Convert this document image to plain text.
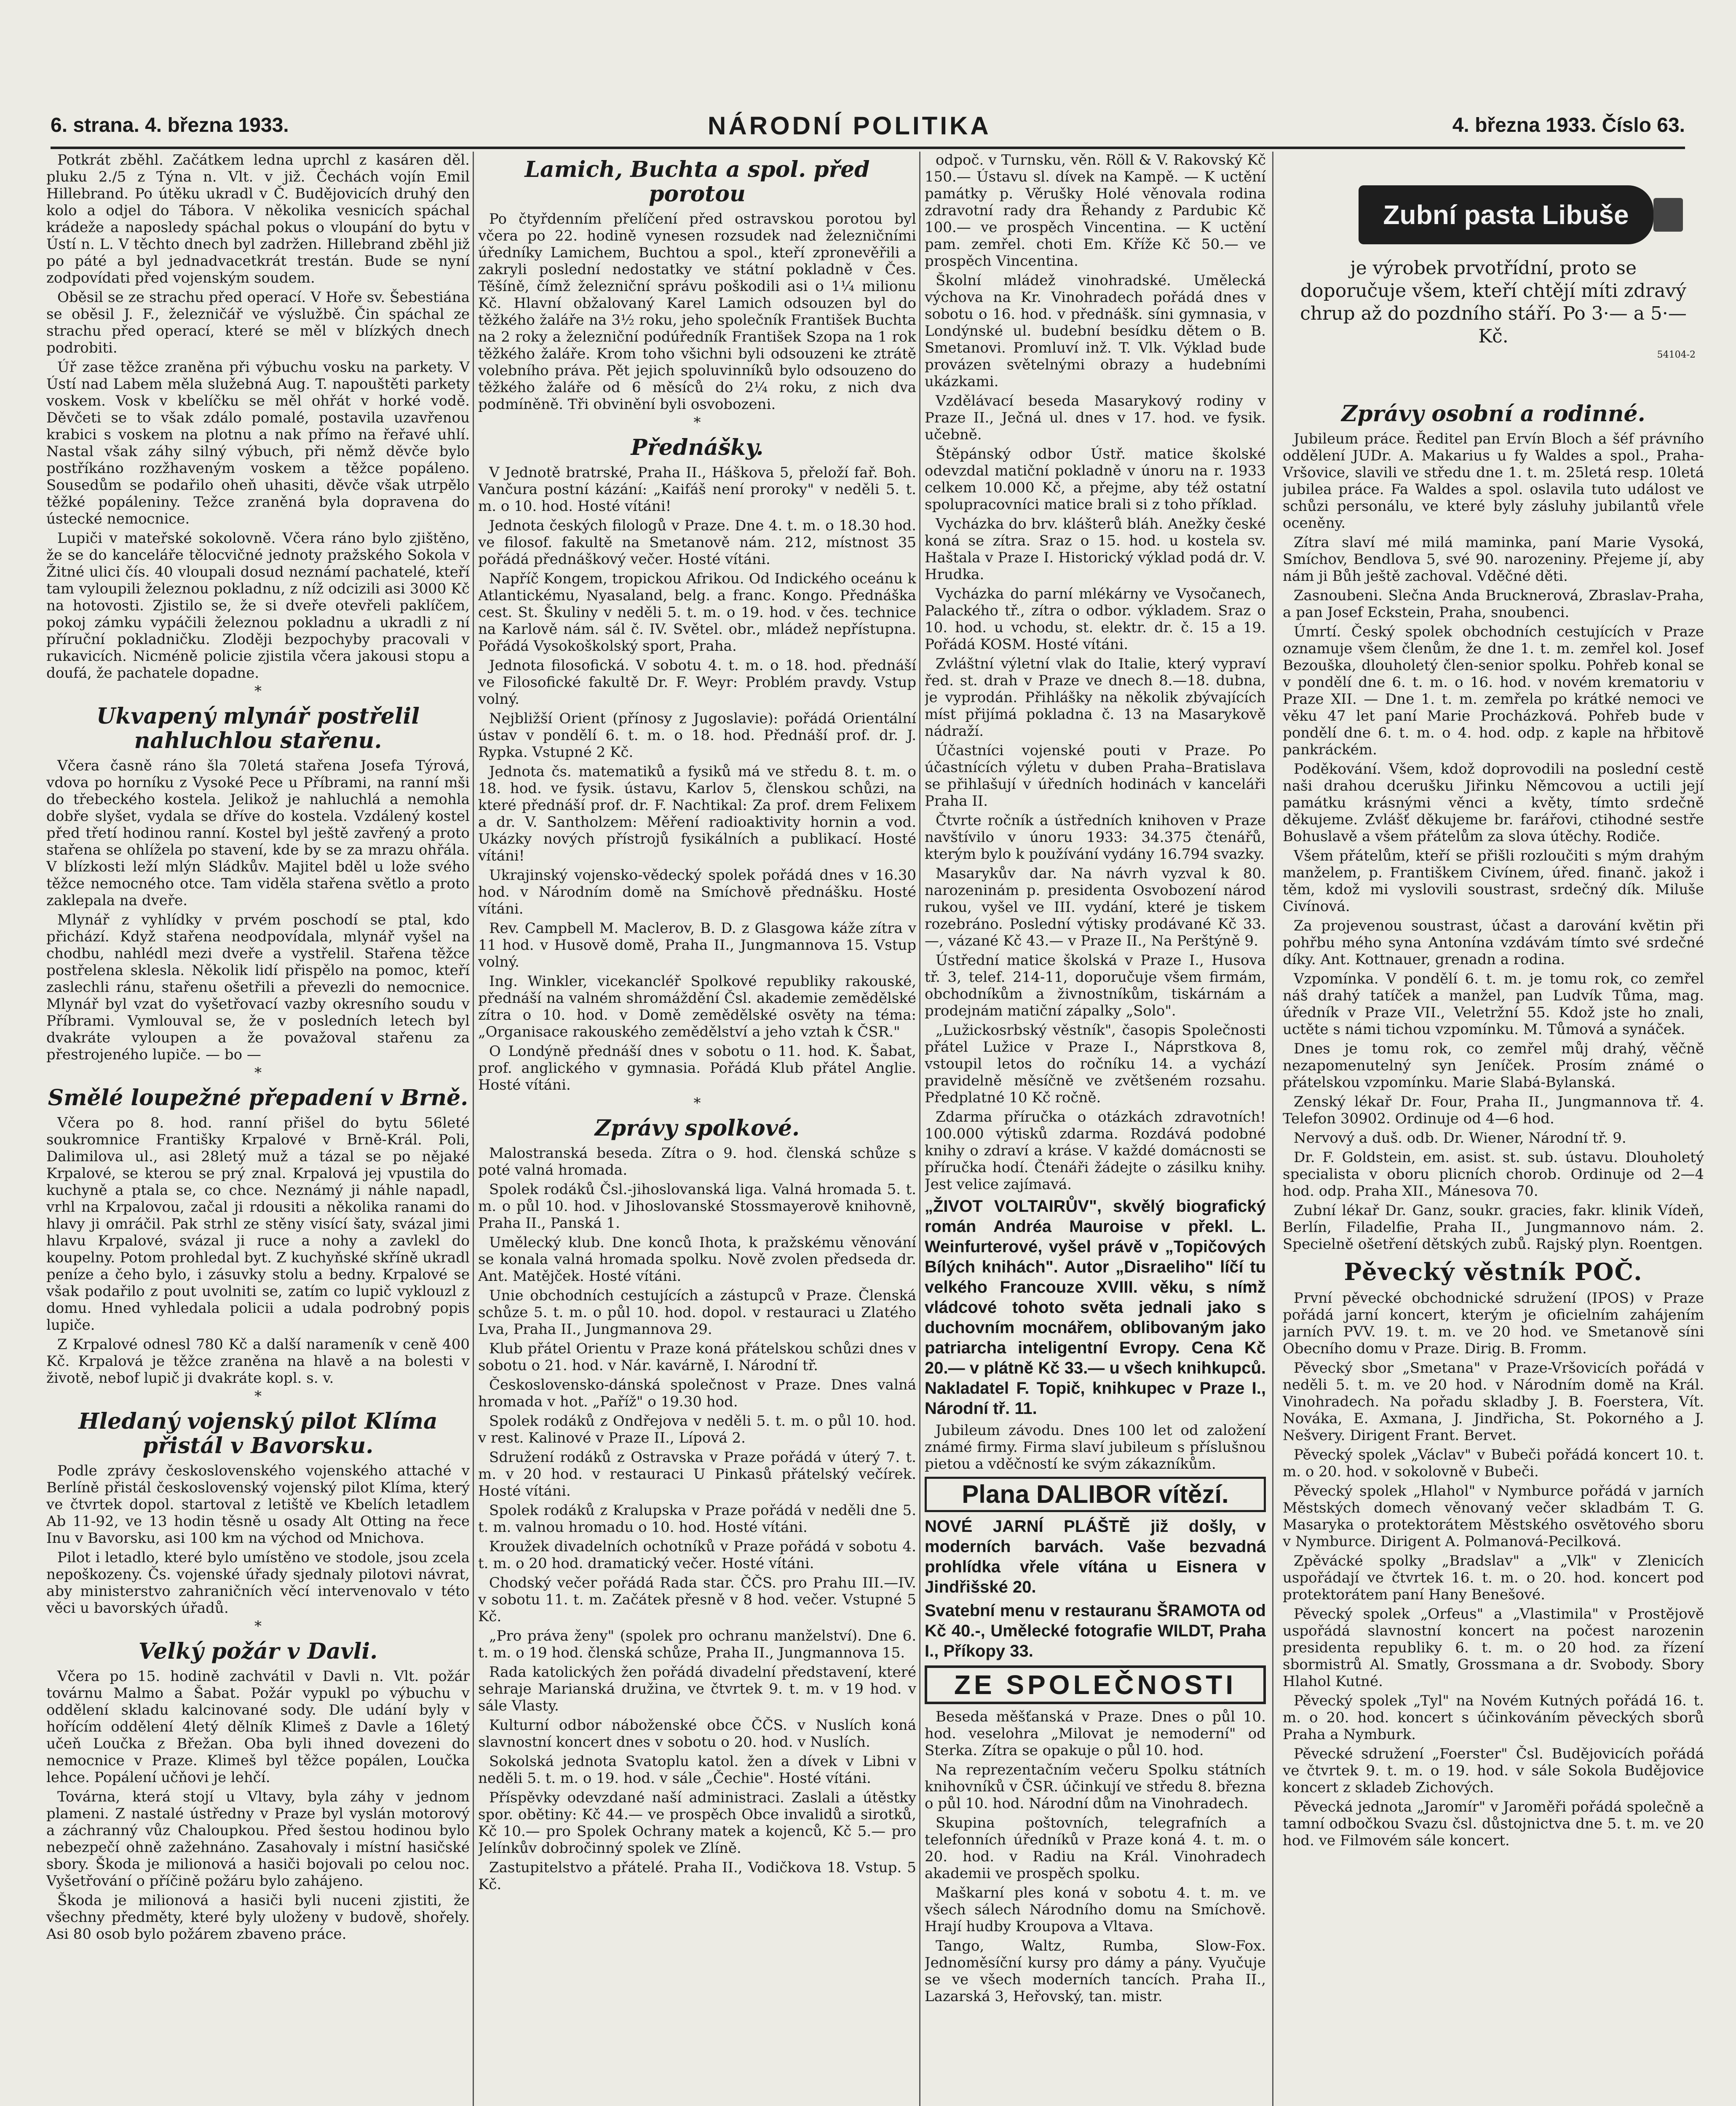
6. strana. 4. března 1933.	NÁRODNÍ POLITIKA	4. března 1933. Číslo 63.

Potkrát zběhl. Začátkem ledna uprchl z kasáren děl. pluku 2./5 z Týna n. Vlt. v již. Čechách vojín Emil Hillebrand. Po útěku ukradl v Č. Budějovicích druhý den kolo a odjel do Tábora. V několika vesnicích spáchal krádeže a naposledy spáchal pokus o vloupání do bytu v Ústí n. L. V těchto dnech byl zadržen. Hillebrand zběhl již po páté a byl jednadvacetkrát trestán. Bude se nyní zodpovídati před vojenským soudem.

Oběsil se ze strachu před operací. V Hoře sv. Šebestiána se oběsil J. F., železničář ve výslužbě. Čin spáchal ze strachu před operací, které se měl v blízkých dnech podrobiti.

Úř zase těžce zraněna při výbuchu vosku na parkety. V Ústí nad Labem měla služebná Aug. T. napouštěti parkety voskem. Vosk v kbelíčku se měl ohřát v horké vodě. Děvčeti se to však zdálo pomalé, postavila uzavřenou krabici s voskem na plotnu a nak přímo na řeřavé uhlí. Nastal však záhy silný výbuch, při němž děvče bylo postříkáno rozžhaveným voskem a těžce popáleno. Sousedům se podařilo oheň uhasiti, děvče však utrpělo těžké popáleniny. Težce zraněná byla dopravena do ústecké nemocnice.

Lupiči v mateřské sokolovně. Včera ráno bylo zjištěno, že se do kanceláře tělocvičné jednoty pražského Sokola v Žitné ulici čís. 40 vloupali dosud neznámí pachatelé, kteří tam vyloupili železnou pokladnu, z níž odcizili asi 3000 Kč na hotovosti. Zjistilo se, že si dveře otevřeli paklíčem, pokoj zámku vypáčili železnou pokladnu a ukradli z ní příruční pokladničku. Zloději bezpochyby pracovali v rukavicích. Nicméně policie zjistila včera jakousi stopu a doufá, že pachatele dopadne.

*
Ukvapený mlynář postřelil nahluchlou stařenu.

Včera časně ráno šla 70letá stařena Josefa Týrová, vdova po horníku z Vysoké Pece u Příbrami, na ranní mši do třebeckého kostela. Jelikož je nahluchlá a nemohla dobře slyšet, vydala se dříve do kostela. Vzdálený kostel před třetí hodinou ranní. Kostel byl ještě zavřený a proto stařena se ohlížela po stavení, kde by se za mrazu ohřála. V blízkosti leží mlýn Sládkův. Majitel bděl u lože svého těžce nemocného otce. Tam viděla stařena světlo a proto zaklepala na dveře.

Mlynář z vyhlídky v prvém poschodí se ptal, kdo přichází. Když stařena neodpovídala, mlynář vyšel na chodbu, nahlédl mezi dveře a vystřelil. Stařena těžce postřelena sklesla. Několik lidí přispělo na pomoc, kteří zaslechli ránu, stařenu ošetřili a převezli do nemocnice. Mlynář byl vzat do vyšetřovací vazby okresního soudu v Příbrami. Vymlouval se, že v posledních letech byl dvakráte vyloupen a že považoval stařenu za přestrojeného lupiče. — bo —

*
Smělé loupežné přepadení v Brně.

Včera po 8. hod. ranní přišel do bytu 56leté soukromnice Františky Krpalové v Brně-Král. Poli, Dalimilova ul., asi 28letý muž a tázal se po nějaké Krpalové, se kterou se prý znal. Krpalová jej vpustila do kuchyně a ptala se, co chce. Neznámý ji náhle napadl, vrhl na Krpalovou, začal ji rdousiti a několika ranami do hlavy ji omráčil. Pak strhl ze stěny visící šaty, svázal jimi hlavu Krpalové, svázal ji ruce a nohy a zavlekl do koupelny. Potom prohledal byt. Z kuchyňské skříně ukradl peníze a čeho bylo, i zásuvky stolu a bedny. Krpalové se však podařilo z pout uvolniti se, zatím co lupič vyklouzl z domu. Hned vyhledala policii a udala podrobný popis lupiče.

Z Krpalové odnesl 780 Kč a další narameník v ceně 400 Kč. Krpalová je těžce zraněna na hlavě a na bolesti v životě, nebof lupič ji dvakráte kopl. s. v.

*
Hledaný vojenský pilot Klíma přistál v Bavorsku.

Podle zprávy československého vojenského attaché v Berlíně přistál československý vojenský pilot Klíma, který ve čtvrtek dopol. startoval z letiště ve Kbelích letadlem Ab 11-92, ve 13 hodin těsně u osady Alt Otting na řece Inu v Bavorsku, asi 100 km na východ od Mnichova.

Pilot i letadlo, které bylo umístěno ve stodole, jsou zcela nepoškozeny. Čs. vojenské úřady sjednaly pilotovi návrat, aby ministerstvo zahraničních věcí intervenovalo v této věci u bavorských úřadů.

*
Velký požár v Davli.

Včera po 15. hodině zachvátil v Davli n. Vlt. požár továrnu Malmo a Šabat. Požár vypukl po výbuchu v oddělení skladu kalcinované sody. Dle udání byly v hořícím oddělení 4letý dělník Klimeš z Davle a 16letý učeň Loučka z Břežan. Oba byli ihned dovezeni do nemocnice v Praze. Klimeš byl těžce popálen, Loučka lehce. Popálení učňovi je lehčí.

Továrna, která stojí u Vltavy, byla záhy v jednom plameni. Z nastalé ústředny v Praze byl vyslán motorový a záchranný vůz Chaloupkou. Před šestou hodinou bylo nebezpečí ohně zažehnáno. Zasahovaly i místní hasičské sbory. Škoda je milionová a hasiči bojovali po celou noc. Vyšetřování o příčině požáru bylo zahájeno.

Škoda je milionová a hasiči byli nuceni zjistiti, že všechny předměty, které byly uloženy v budově, shořely. Asi 80 osob bylo požárem zbaveno práce.

Lamich, Buchta a spol. před porotou

Po čtyřdenním přelíčení před ostravskou porotou byl včera po 22. hodině vynesen rozsudek nad železničními úředníky Lamichem, Buchtou a spol., kteří zpronevěřili a zakryli poslední nedostatky ve státní pokladně v Čes. Těšíně, čímž železniční správu poškodili asi o 1¼ milionu Kč. Hlavní obžalovaný Karel Lamich odsouzen byl do těžkého žaláře na 3½ roku, jeho společník František Buchta na 2 roky a železniční podúředník František Szopa na 1 rok těžkého žaláře. Krom toho všichni byli odsouzeni ke ztrátě volebního práva. Pět jejich spoluvinníků bylo odsouzeno do těžkého žaláře od 6 měsíců do 2¼ roku, z nich dva podmíněně. Tři obvinění byli osvobozeni.

*
Přednášky.

V Jednotě bratrské, Praha II., Háškova 5, přeloží fař. Boh. Vančura postní kázání: „Kaifáš není proroky" v neděli 5. t. m. o 10. hod. Hosté vítáni!

Jednota českých filologů v Praze. Dne 4. t. m. o 18.30 hod. ve filosof. fakultě na Smetanově nám. 212, místnost 35 pořádá přednáškový večer. Hosté vítáni.

Napříč Kongem, tropickou Afrikou. Od Indického oceánu k Atlantickému, Nyasaland, belg. a franc. Kongo. Přednáška cest. St. Škuliny v neděli 5. t. m. o 19. hod. v čes. technice na Karlově nám. sál č. IV. Světel. obr., mládež nepřístupna. Pořádá Vysokoškolský sport, Praha.

Jednota filosofická. V sobotu 4. t. m. o 18. hod. přednáší ve Filosofické fakultě Dr. F. Weyr: Problém pravdy. Vstup volný.

Nejbližší Orient (přínosy z Jugoslavie): pořádá Orientální ústav v pondělí 6. t. m. o 18. hod. Přednáší prof. dr. J. Rypka. Vstupné 2 Kč.

Jednota čs. matematiků a fysiků má ve středu 8. t. m. o 18. hod. ve fysik. ústavu, Karlov 5, členskou schůzi, na které přednáší prof. dr. F. Nachtikal: Za prof. drem Felixem a dr. V. Santholzem: Měření radioaktivity hornin a vod. Ukázky nových přístrojů fysikálních a publikací. Hosté vítáni!

Ukrajinský vojensko-vědecký spolek pořádá dnes v 16.30 hod. v Národním domě na Smíchově přednášku. Hosté vítáni.

Rev. Campbell M. Maclerov, B. D. z Glasgowa káže zítra v 11 hod. v Husově domě, Praha II., Jungmannova 15. Vstup volný.

Ing. Winkler, vicekancléř Spolkové republiky rakouské, přednáší na valném shromáždění Čsl. akademie zemědělské zítra o 10. hod. v Domě zemědělské osvěty na téma: „Organisace rakouského zemědělství a jeho vztah k ČSR."

O Londýně přednáší dnes v sobotu o 11. hod. K. Šabat, prof. anglického v gymnasia. Pořádá Klub přátel Anglie. Hosté vítáni.

*
Zprávy spolkové.

Malostranská beseda. Zítra o 9. hod. členská schůze s poté valná hromada.

Spolek rodáků Čsl.-jihoslovanská liga. Valná hromada 5. t. m. o půl 10. hod. v Jihoslovanské Stossmayerově knihovně, Praha II., Panská 1.

Umělecký klub. Dne konců Ihota, k pražskému věnování se konala valná hromada spolku. Nově zvolen předseda dr. Ant. Matějček. Hosté vítáni.

Unie obchodních cestujících a zástupců v Praze. Členská schůze 5. t. m. o půl 10. hod. dopol. v restauraci u Zlatého Lva, Praha II., Jungmannova 29.

Klub přátel Orientu v Praze koná přátelskou schůzi dnes v sobotu o 21. hod. v Nár. kavárně, I. Národní tř.

Československo-dánská společnost v Praze. Dnes valná hromada v hot. „Paříž" o 19.30 hod.

Spolek rodáků z Ondřejova v neděli 5. t. m. o půl 10. hod. v rest. Kalinové v Praze II., Lípová 2.

Sdružení rodáků z Ostravska v Praze pořádá v úterý 7. t. m. v 20 hod. v restauraci U Pinkasů přátelský večírek. Hosté vítáni.

Spolek rodáků z Kralupska v Praze pořádá v neděli dne 5. t. m. valnou hromadu o 10. hod. Hosté vítáni.

Kroužek divadelních ochotníků v Praze pořádá v sobotu 4. t. m. o 20 hod. dramatický večer. Hosté vítáni.

Chodský večer pořádá Rada star. ČČS. pro Prahu III.—IV. v sobotu 11. t. m. Začátek přesně v 8 hod. večer. Vstupné 5 Kč.

„Pro práva ženy" (spolek pro ochranu manželství). Dne 6. t. m. o 19 hod. členská schůze, Praha II., Jungmannova 15.

Rada katolických žen pořádá divadelní představení, které sehraje Marianská družina, ve čtvrtek 9. t. m. v 19 hod. v sále Vlasty.

Kulturní odbor náboženské obce ČČS. v Nuslích koná slavnostní koncert dnes v sobotu o 20. hod. v Nuslích.

Sokolská jednota Svatoplu katol. žen a dívek v Libni v neděli 5. t. m. o 19. hod. v sále „Čechie". Hosté vítáni.

Příspěvky odevzdané naší administraci. Zaslali a útěstky spor. obětiny: Kč 44.— ve prospěch Obce invalidů a sirotků, Kč 10.— pro Spolek Ochrany matek a kojenců, Kč 5.— pro Jelínkův dobročinný spolek ve Zlíně.

Zastupitelstvo a přátelé. Praha II., Vodičkova 18. Vstup. 5 Kč.

odpoč. v Turnsku, věn. Röll & V. Rakovský Kč 150.— Ústavu sl. dívek na Kampě. — K uctění památky p. Věrušky Holé věnovala rodina zdravotní rady dra Řehandy z Pardubic Kč 100.— ve prospěch Vincentina. — K uctění pam. zemřel. choti Em. Kříže Kč 50.— ve prospěch Vincentina.

Školní mládež vinohradské. Umělecká výchova na Kr. Vinohradech pořádá dnes v sobotu o 16. hod. v přednášk. síni gymnasia, v Londýnské ul. budební besídku dětem o B. Smetanovi. Promluví inž. T. Vlk. Výklad bude provázen světelnými obrazy a hudebními ukázkami.

Vzdělávací beseda Masarykový rodiny v Praze II., Ječná ul. dnes v 17. hod. ve fysik. učebně.

Štěpánský odbor Ústř. matice školské odevzdal matiční pokladně v únoru na r. 1933 celkem 10.000 Kč, a přejme, aby též ostatní spolupracovníci matice brali si z toho příklad.

Vycházka do brv. klášterů bláh. Anežky české koná se zítra. Sraz o 15. hod. u kostela sv. Haštala v Praze I. Historický výklad podá dr. V. Hrudka.

Vycházka do parní mlékárny ve Vysočanech, Palackého tř., zítra o odbor. výkladem. Sraz o 10. hod. u vchodu, st. elektr. dr. č. 15 a 19. Pořádá KOSM. Hosté vítáni.

Zvláštní výletní vlak do Italie, který vypraví řed. st. drah v Praze ve dnech 8.—18. dubna, je vyprodán. Přihlášky na několik zbývajících míst přijímá pokladna č. 13 na Masarykově nádraží.

Účastníci vojenské pouti v Praze. Po účastnících výletu v duben Praha–Bratislava se přihlašují v úředních hodinách v kanceláři Praha II.

Čtvrte ročník a ústředních knihoven v Praze navštívilo v únoru 1933: 34.375 čtenářů, kterým bylo k používání vydány 16.794 svazky.

Masarykův dar. Na návrh vyzval k 80. narozeninám p. presidenta Osvobození národ rukou, vyšel ve III. vydání, které je tiskem rozebráno. Poslední výtisky prodávané Kč 33.—, vázané Kč 43.— v Praze II., Na Perštýně 9.

Ústřední matice školská v Praze I., Husova tř. 3, telef. 214-11, doporučuje všem firmám, obchodníkům a živnostníkům, tiskárnám a prodejnám matiční zápalky „Solo".

„Lužickosrbský věstník", časopis Společnosti přátel Lužice v Praze I., Náprstkova 8, vstoupil letos do ročníku 14. a vychází pravidelně měsíčně ve zvětšeném rozsahu. Předplatné 10 Kč ročně.

Zdarma příručka o otázkách zdravotních! 100.000 výtisků zdarma. Rozdává podobné knihy o zdraví a kráse. V každé domácnosti se příručka hodí. Čtenáři žádejte o zásilku knihy. Jest velice zajímavá.

„ŽIVOT VOLTAIRŮV", skvělý biografický román Andréa Mauroise v překl. L. Weinfurterové, vyšel právě v „Topičových Bílých knihách". Autor „Disraeliho" líčí tu velkého Francouze XVIII. věku, s nímž vládcové tohoto světa jednali jako s duchovním mocnářem, oblibovaným jako patriarcha inteligentní Evropy. Cena Kč 20.— v plátně Kč 33.— u všech knihkupců. Nakladatel F. Topič, knihkupec v Praze I., Národní tř. 11.

Jubileum závodu. Dnes 100 let od založení známé firmy. Firma slaví jubileum s příslušnou pietou a vděčností ke svým zákazníkům.

Plana DALIBOR vítězí.

NOVÉ JARNÍ PLÁŠTĚ již došly, v moderních barvách. Vaše bezvadná prohlídka vřele vítána u Eisnera v Jindřišské 20.

Svatební menu v restauranu ŠRAMOTA od Kč 40.-, Umělecké fotografie WILDT, Praha I., Příkopy 33.

ZE SPOLEČNOSTI

Beseda měšťanská v Praze. Dnes o půl 10. hod. veselohra „Milovat je nemoderní" od Sterka. Zítra se opakuje o půl 10. hod.

Na reprezentačním večeru Spolku státních knihovníků v ČSR. účinkují ve středu 8. března o půl 10. hod. Národní dům na Vinohradech.

Skupina poštovních, telegrafních a telefonních úředníků v Praze koná 4. t. m. o 20. hod. v Radiu na Král. Vinohradech akademii ve prospěch spolku.

Maškarní ples koná v sobotu 4. t. m. ve všech sálech Národního domu na Smíchově. Hrají hudby Kroupova a Vltava.

Tango, Waltz, Rumba, Slow-Fox. Jednoměsíční kursy pro dámy a pány. Vyučuje se ve všech moderních tancích. Praha II., Lazarská 3, Heřovský, tan. mistr.

Zubní pasta Libuše
je výrobek prvotřídní, proto se doporučuje všem, kteří chtějí míti zdravý chrup až do pozdního stáří. Po 3·— a 5·— Kč.
54104-2
Zprávy osobní a rodinné.

Jubileum práce. Ředitel pan Ervín Bloch a šéf právního oddělení JUDr. A. Makarius u fy Waldes a spol., Praha-Vršovice, slavili ve středu dne 1. t. m. 25letá resp. 10letá jubilea práce. Fa Waldes a spol. oslavila tuto událost ve schůzi personálu, ve které byly zásluhy jubilantů vřele oceněny.

Zítra slaví mé milá maminka, paní Marie Vysoká, Smíchov, Bendlova 5, své 90. narozeniny. Přejeme jí, aby nám ji Bůh ještě zachoval. Vděčné děti.

Zasnoubeni. Slečna Anda Brucknerová, Zbraslav-Praha, a pan Josef Eckstein, Praha, snoubenci.

Úmrtí. Český spolek obchodních cestujících v Praze oznamuje všem členům, že dne 1. t. m. zemřel kol. Josef Bezouška, dlouholetý člen-senior spolku. Pohřeb konal se v pondělí dne 6. t. m. o 16. hod. v novém krematoriu v Praze XII. — Dne 1. t. m. zemřela po krátké nemoci ve věku 47 let paní Marie Procházková. Pohřeb bude v pondělí dne 6. t. m. o 4. hod. odp. z kaple na hřbitově pankráckém.

Poděkování. Všem, kdož doprovodili na poslední cestě naši drahou dcerušku Jiřinku Němcovou a uctili její památku krásnými věnci a květy, tímto srdečně děkujeme. Zvlášť děkujeme br. farářovi, ctihodné sestře Bohuslavě a všem přátelům za slova útěchy. Rodiče.

Všem přátelům, kteří se přišli rozloučiti s mým drahým manželem, p. Františkem Civínem, úřed. finanč. jakož i těm, kdož mi vyslovili soustrast, srdečný dík. Miluše Civínová.

Za projevenou soustrast, účast a darování květin při pohřbu mého syna Antonína vzdávám tímto své srdečné díky. Ant. Kottnauer, grenadn a rodina.

Vzpomínka. V pondělí 6. t. m. je tomu rok, co zemřel náš drahý tatíček a manžel, pan Ludvík Tůma, mag. úředník v Praze VII., Veletržní 55. Kdož jste ho znali, uctěte s námi tichou vzpomínku. M. Tůmová a synáček.

Dnes je tomu rok, co zemřel můj drahý, věčně nezapomenutelný syn Jeníček. Prosím známé o přátelskou vzpomínku. Marie Slabá-Bylanská.

Zenský lékař Dr. Four, Praha II., Jungmannova tř. 4. Telefon 30902. Ordinuje od 4—6 hod.

Nervový a duš. odb. Dr. Wiener, Národní tř. 9.

Dr. F. Goldstein, em. asist. st. sub. ústavu. Dlouholetý specialista v oboru plicních chorob. Ordinuje od 2—4 hod. odp. Praha XII., Mánesova 70.

Zubní lékař Dr. Ganz, soukr. gracies, fakr. klinik Vídeň, Berlín, Filadelfie, Praha II., Jungmannovo nám. 2. Specielně ošetření dětských zubů. Rajský plyn. Roentgen.

Pěvecký věstník POČ.

První pěvecké obchodnické sdružení (IPOS) v Praze pořádá jarní koncert, kterým je oficielním zahájením jarních PVV. 19. t. m. ve 20 hod. ve Smetanově síni Obecního domu v Praze. Dirig. B. Fromm.

Pěvecký sbor „Smetana" v Praze-Vršovicích pořádá v neděli 5. t. m. ve 20 hod. v Národním domě na Král. Vinohradech. Na pořadu skladby J. B. Foerstera, Vít. Nováka, E. Axmana, J. Jindřicha, St. Pokorného a J. Nešvery. Dirigent Frant. Bervet.

Pěvecký spolek „Václav" v Bubeči pořádá koncert 10. t. m. o 20. hod. v sokolovně v Bubeči.

Pěvecký spolek „Hlahol" v Nymburce pořádá v jarních Městských domech věnovaný večer skladbám T. G. Masaryka o protektorátem Městského osvětového sboru v Nymburce. Dirigent A. Polmanová-Pecilková.

Zpěvácké spolky „Bradslav" a „Vlk" v Zlenicích uspořádají ve čtvrtek 16. t. m. o 20. hod. koncert pod protektorátem paní Hany Benešové.

Pěvecký spolek „Orfeus" a „Vlastimila" v Prostějově uspořádá slavnostní koncert na počest narozenin presidenta republiky 6. t. m. o 20 hod. za řízení sbormistrů Al. Smatly, Grossmana a dr. Svobody. Sbory Hlahol Kutné.

Pěvecký spolek „Tyl" na Novém Kutných pořádá 16. t. m. o 20. hod. koncert s účinkováním pěveckých sborů Praha a Nymburk.

Pěvecké sdružení „Foerster" Čsl. Budějovicích pořádá ve čtvrtek 9. t. m. o 19. hod. v sále Sokola Budějovice koncert z skladeb Zichových.

Pěvecká jednota „Jaromír" v Jaroměři pořádá společně a tamní odbočkou Svazu čsl. důstojnictva dne 5. t. m. ve 20 hod. ve Filmovém sále koncert.
